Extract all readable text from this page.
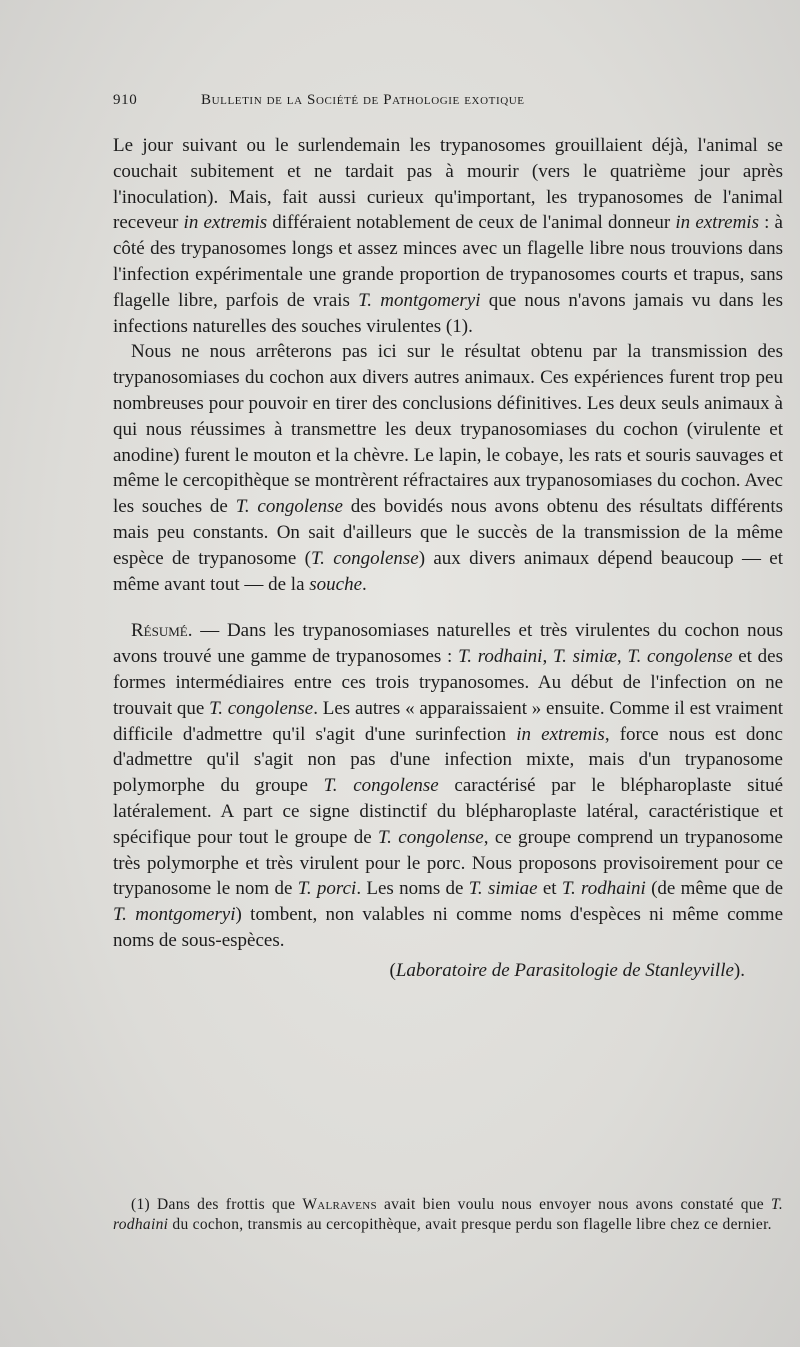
910	Bulletin de la Société de Pathologie exotique

Le jour suivant ou le surlendemain les trypanosomes grouillaient déjà, l'animal se couchait subitement et ne tardait pas à mourir (vers le quatrième jour après l'inoculation). Mais, fait aussi curieux qu'important, les trypanosomes de l'animal receveur in extremis différaient notablement de ceux de l'animal donneur in extremis : à côté des trypanosomes longs et assez minces avec un flagelle libre nous trouvions dans l'infection expérimentale une grande proportion de trypanosomes courts et trapus, sans flagelle libre, parfois de vrais T. montgomeryi que nous n'avons jamais vu dans les infections naturelles des souches virulentes (1).

Nous ne nous arrêterons pas ici sur le résultat obtenu par la transmission des trypanosomiases du cochon aux divers autres animaux. Ces expériences furent trop peu nombreuses pour pouvoir en tirer des conclusions définitives. Les deux seuls animaux à qui nous réussimes à transmettre les deux trypanosomiases du cochon (virulente et anodine) furent le mouton et la chèvre. Le lapin, le cobaye, les rats et souris sauvages et même le cercopithèque se montrèrent réfractaires aux trypanosomiases du cochon. Avec les souches de T. congolense des bovidés nous avons obtenu des résultats différents mais peu constants. On sait d'ailleurs que le succès de la transmission de la même espèce de trypanosome (T. congolense) aux divers animaux dépend beaucoup — et même avant tout — de la souche.

Résumé. — Dans les trypanosomiases naturelles et très virulentes du cochon nous avons trouvé une gamme de trypanosomes : T. rodhaini, T. simiæ, T. congolense et des formes intermédiaires entre ces trois trypanosomes. Au début de l'infection on ne trouvait que T. congolense. Les autres « apparaissaient » ensuite. Comme il est vraiment difficile d'admettre qu'il s'agit d'une surinfection in extremis, force nous est donc d'admettre qu'il s'agit non pas d'une infection mixte, mais d'un trypanosome polymorphe du groupe T. congolense caractérisé par le blépharoplaste situé latéralement. A part ce signe distinctif du blépharoplaste latéral, caractéristique et spécifique pour tout le groupe de T. congolense, ce groupe comprend un trypanosome très polymorphe et très virulent pour le porc. Nous proposons provisoirement pour ce trypanosome le nom de T. porci. Les noms de T. simiae et T. rodhaini (de même que de T. montgomeryi) tombent, non valables ni comme noms d'espèces ni même comme noms de sous-espèces.

(Laboratoire de Parasitologie de Stanleyville).

(1) Dans des frottis que Walravens avait bien voulu nous envoyer nous avons constaté que T. rodhaini du cochon, transmis au cercopithèque, avait presque perdu son flagelle libre chez ce dernier.
